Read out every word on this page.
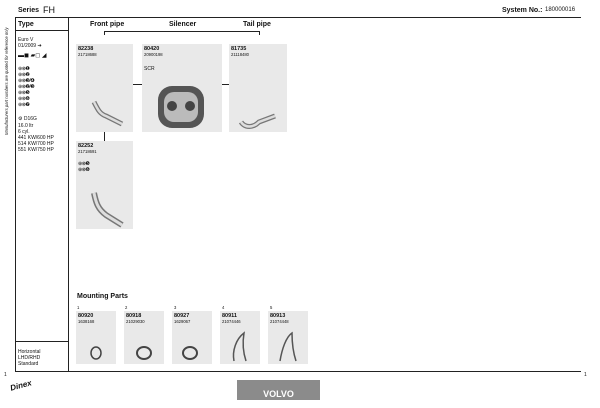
Series FH	System No.: 180000016
Manufacturers part numbers are quoted for reference only
1
Type
Euro V
01/2009 ➔
▬◼ ▰◻ ◢
⊕⊗❶
⊕⊗❷
⊕⊗❸/❹
⊕⊗❷/❸
⊕⊗❺
⊕⊗❻
⊕⊗❼
⚙ D16G
16.0 ltr
6 cyl.
441 KW/600 HP
514 KW/700 HP
551 KW/750 HP
Horizontal
LHD/RHD
Standard
Front pipe	Silencer	Tail pipe
82238
21718688
80420
20900198
SCR
81735
21118480
82252
21718691
⊕⊗❺
⊕⊗❻
Mounting Parts
1
80920
1638168
2
80918
21029030
3
80927
1629067
4
80911
21074446
5
80913
21074448
Dinex
VOLVO
1
